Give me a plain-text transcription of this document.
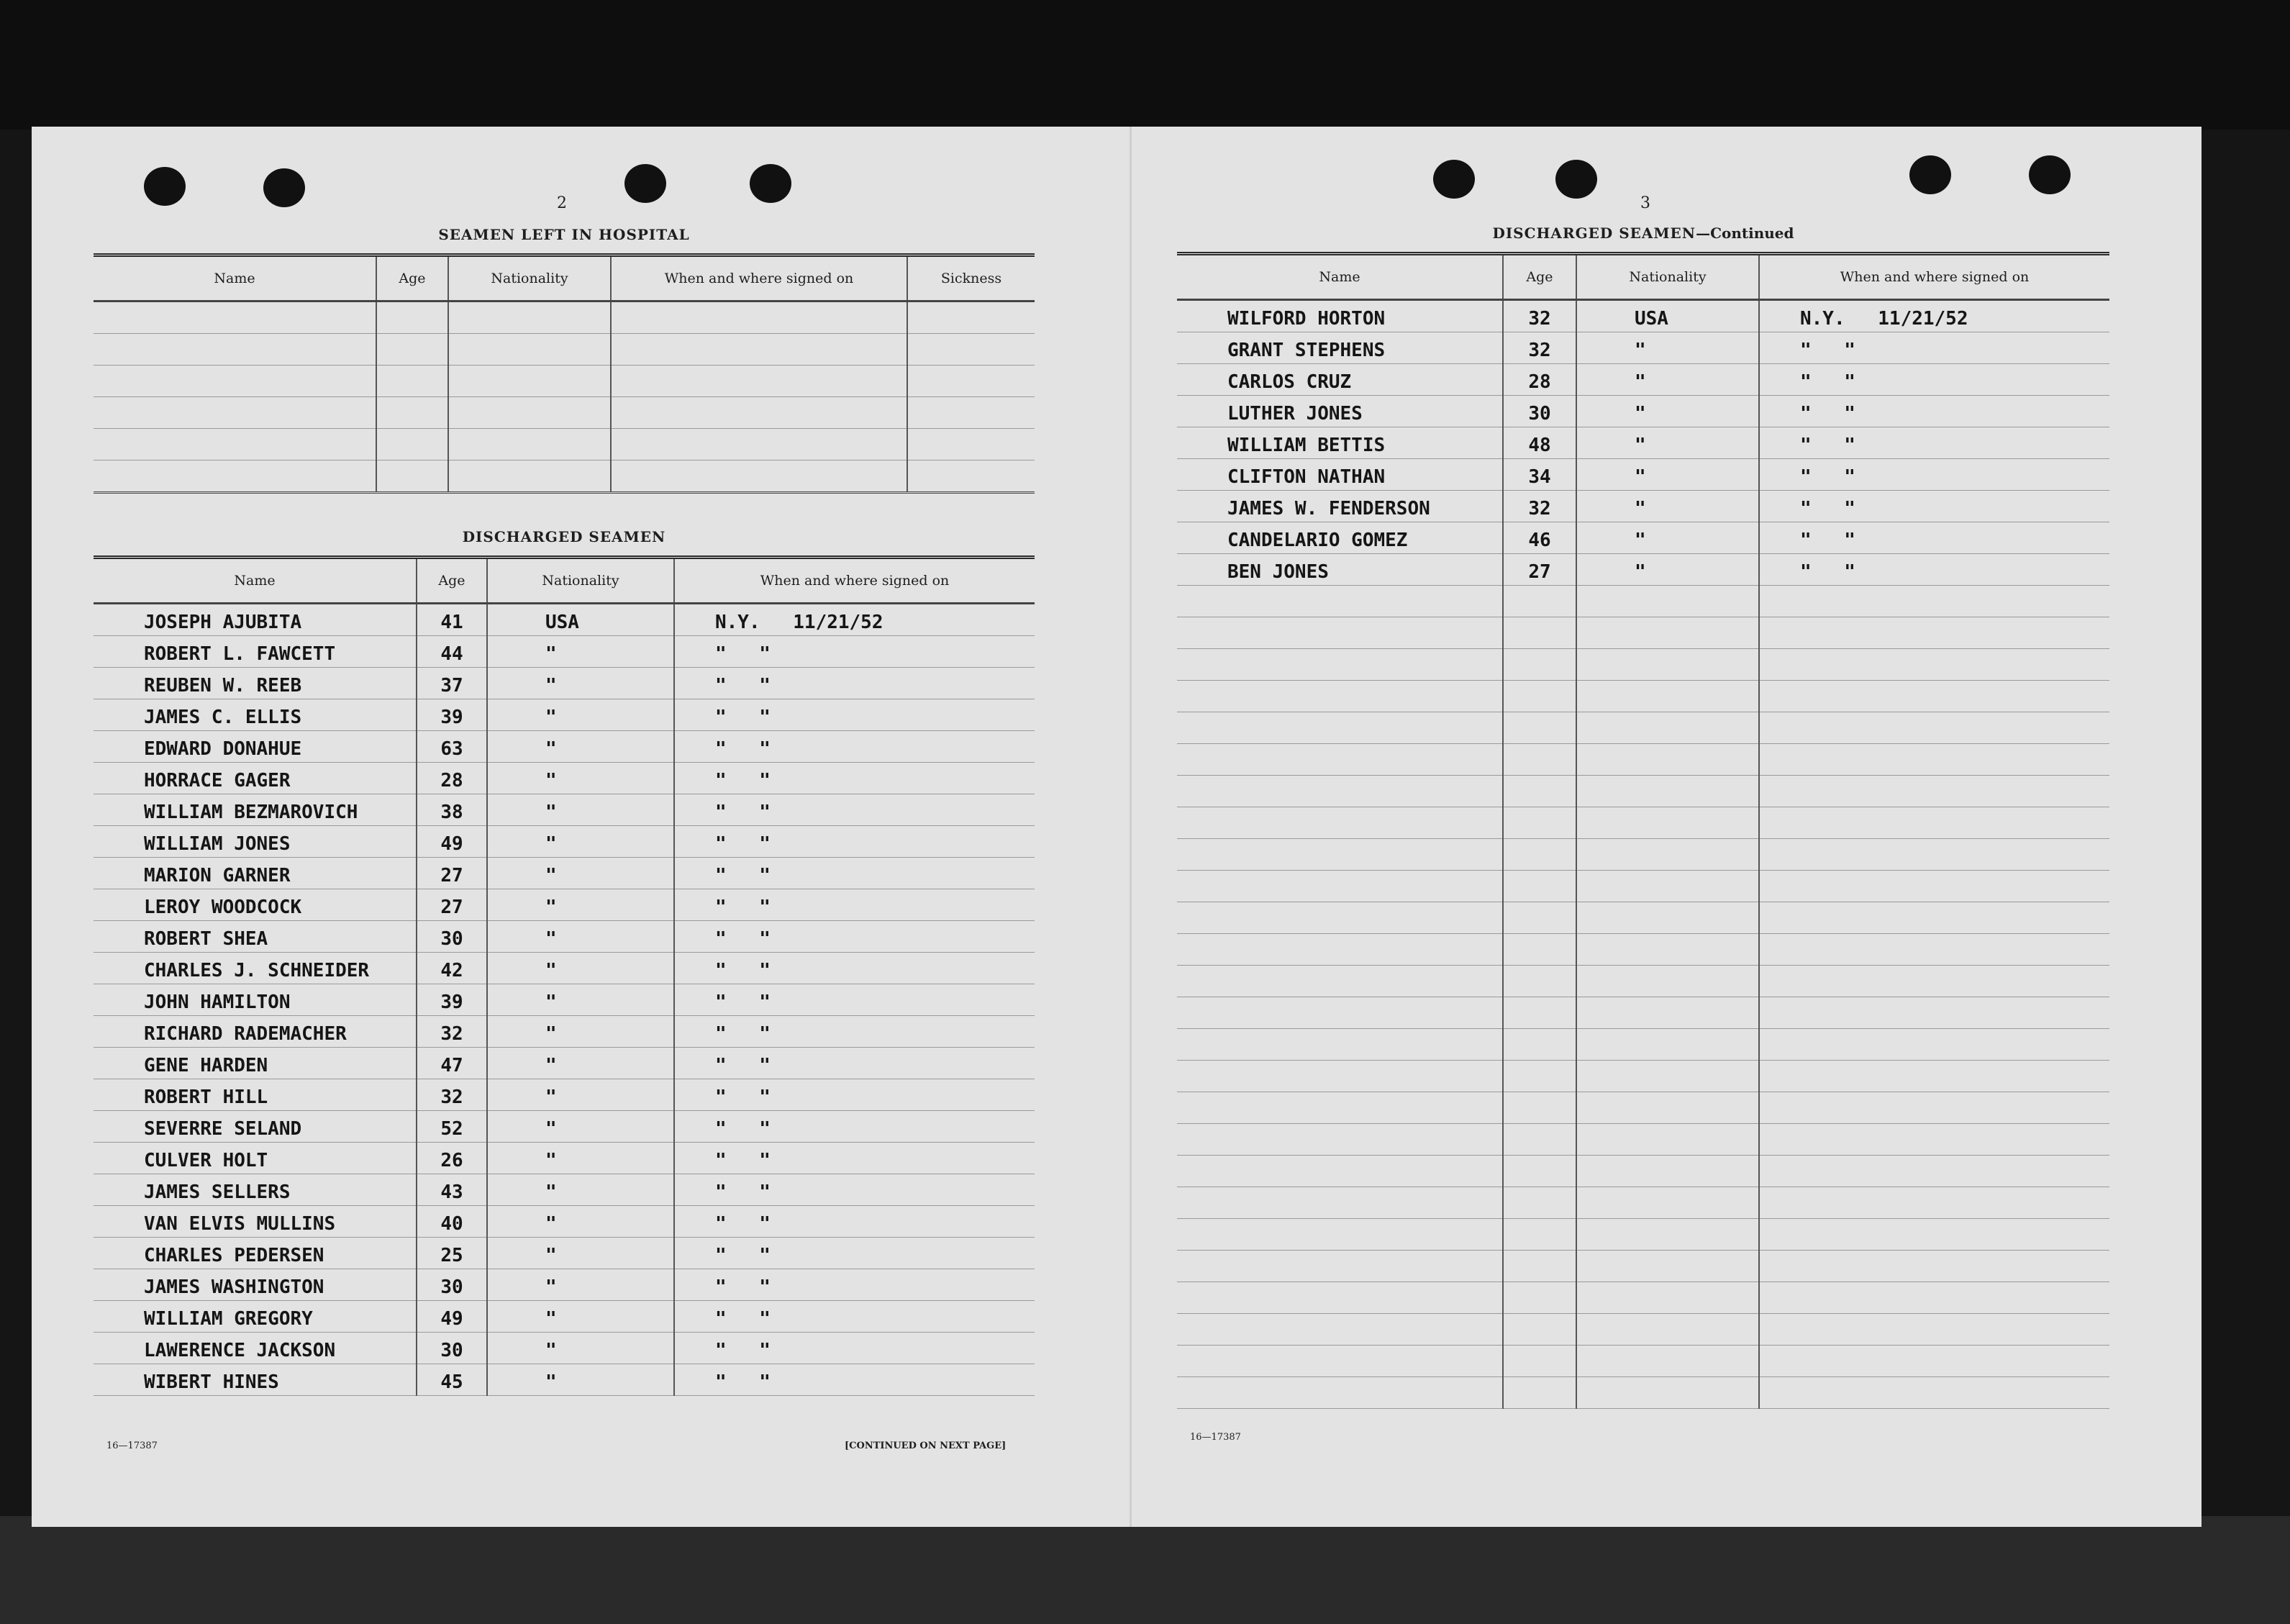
2
SEAMEN LEFT IN HOSPITAL
Name	Age	Nationality	When and where signed on	Sickness

DISCHARGED SEAMEN
Name	Age	Nationality	When and where signed on
JOSEPH AJUBITA	41	USA	N.Y. 11/21/52
ROBERT L. FAWCETT	44	"	" "
REUBEN W. REEB	37	"	" "
JAMES C. ELLIS	39	"	" "
EDWARD DONAHUE	63	"	" "
HORRACE GAGER	28	"	" "
WILLIAM BEZMAROVICH	38	"	" "
WILLIAM JONES	49	"	" "
MARION GARNER	27	"	" "
LEROY WOODCOCK	27	"	" "
ROBERT SHEA	30	"	" "
CHARLES J. SCHNEIDER	42	"	" "
JOHN HAMILTON	39	"	" "
RICHARD RADEMACHER	32	"	" "
GENE HARDEN	47	"	" "
ROBERT HILL	32	"	" "
SEVERRE SELAND	52	"	" "
CULVER HOLT	26	"	" "
JAMES SELLERS	43	"	" "
VAN ELVIS MULLINS	40	"	" "
CHARLES PEDERSEN	25	"	" "
JAMES WASHINGTON	30	"	" "
WILLIAM GREGORY	49	"	" "
LAWERENCE JACKSON	30	"	" "
WIBERT HINES	45	"	" "
16—17387	[CONTINUED ON NEXT PAGE]
3
DISCHARGED SEAMEN—Continued
Name	Age	Nationality	When and where signed on
WILFORD HORTON	32	USA	N.Y. 11/21/52
GRANT STEPHENS	32	"	" "
CARLOS CRUZ	28	"	" "
LUTHER JONES	30	"	" "
WILLIAM BETTIS	48	"	" "
CLIFTON NATHAN	34	"	" "
JAMES W. FENDERSON	32	"	" "
CANDELARIO GOMEZ	46	"	" "
BEN JONES	27	"	" "

16—17387
